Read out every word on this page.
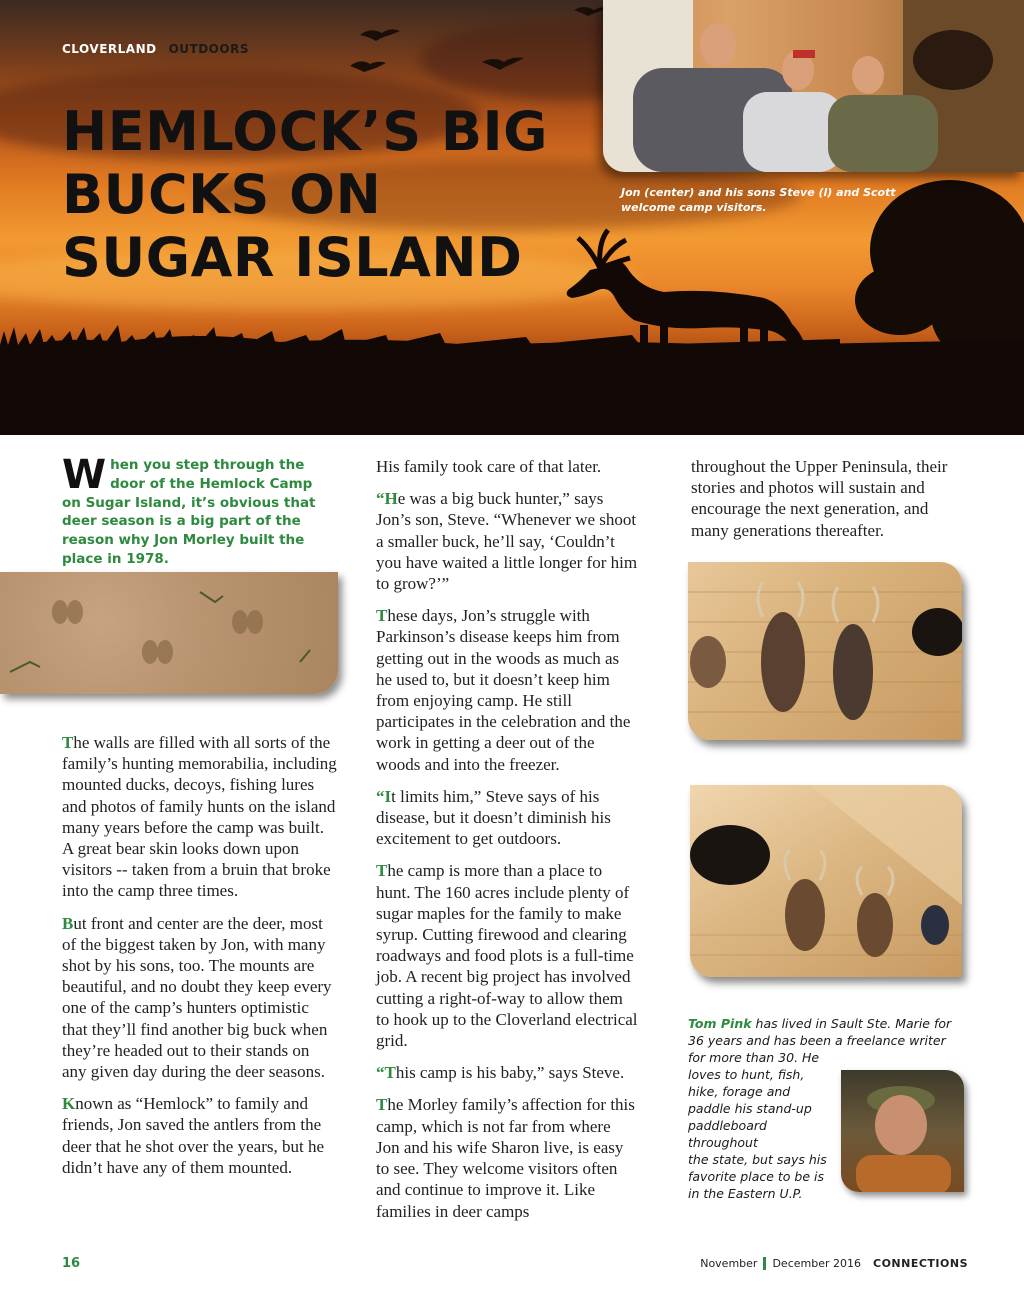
CLOVERLAND OUTDOORS
HEMLOCK’S BIG BUCKS ON SUGAR ISLAND
Jon (center) and his sons Steve (l) and Scott
welcome camp visitors.

When you step through the door of the Hemlock Camp on Sugar Island, it’s obvious that deer season is a big part of the reason why Jon Morley built the place in 1978.

The walls are filled with all sorts of the family’s hunting memorabilia, including mounted ducks, decoys, fishing lures and photos of family hunts on the island many years before the camp was built. A great bear skin looks down upon visitors -- taken from a bruin that broke into the camp three times.

But front and center are the deer, most of the biggest taken by Jon, with many shot by his sons, too. The mounts are beautiful, and no doubt they keep every one of the camp’s hunters optimistic that they’ll find another big buck when they’re headed out to their stands on any given day during the deer seasons.

Known as “Hemlock” to family and friends, Jon saved the antlers from the deer that he shot over the years, but he didn’t have any of them mounted.

His family took care of that later.

“He was a big buck hunter,” says Jon’s son, Steve. “Whenever we shoot a smaller buck, he’ll say, ‘Couldn’t you have waited a little longer for him to grow?’”

These days, Jon’s struggle with Parkinson’s disease keeps him from getting out in the woods as much as he used to, but it doesn’t keep him from enjoying camp. He still participates in the celebration and the work in getting a deer out of the woods and into the freezer.

“It limits him,” Steve says of his disease, but it doesn’t diminish his excitement to get outdoors.

The camp is more than a place to hunt. The 160 acres include plenty of sugar maples for the family to make syrup. Cutting firewood and clearing roadways and food plots is a full-time job. A recent big project has involved cutting a right-of-way to allow them to hook up to the Cloverland electrical grid.

“This camp is his baby,” says Steve.

The Morley family’s affection for this camp, which is not far from where Jon and his wife Sharon live, is easy to see. They welcome visitors often and continue to improve it. Like families in deer camps

throughout the Upper Peninsula, their stories and photos will sustain and encourage the next generation, and many generations thereafter.

Tom Pink has lived in Sault Ste. Marie for
36 years and has been a freelance writer
for more than 30. He
loves to hunt, fish,
hike, forage and
paddle his stand-up
paddleboard
throughout
the state, but says his
favorite place to be is
in the Eastern U.P.
16	November December 2016 CONNECTIONS
